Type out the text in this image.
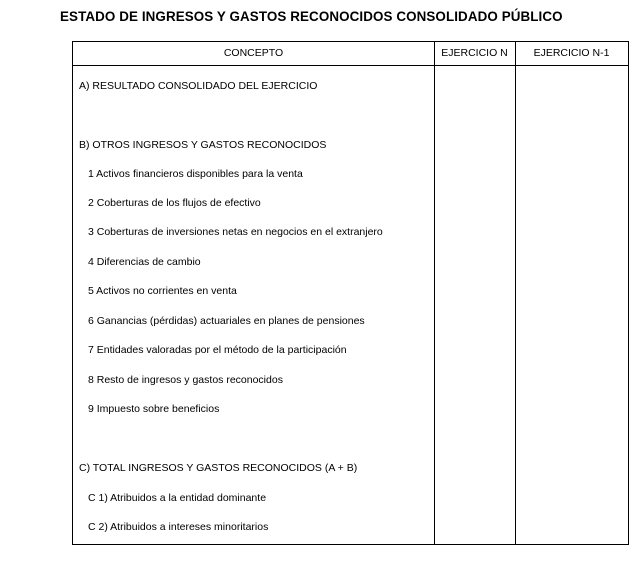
ESTADO DE INGRESOS Y GASTOS RECONOCIDOS CONSOLIDADO PÚBLICO
CONCEPTO	EJERCICIO N	EJERCICIO N-1
A) RESULTADO CONSOLIDADO DEL EJERCICIO
B) OTROS INGRESOS Y GASTOS RECONOCIDOS
1 Activos financieros disponibles para la venta
2 Coberturas de los flujos de efectivo
3 Coberturas de inversiones netas en negocios en el extranjero
4 Diferencias de cambio
5 Activos no corrientes en venta
6 Ganancias (pérdidas) actuariales en planes de pensiones
7 Entidades valoradas por el método de la participación
8 Resto de ingresos y gastos reconocidos
9 Impuesto sobre beneficios
C) TOTAL INGRESOS Y GASTOS RECONOCIDOS (A + B)
C 1) Atribuidos a la entidad dominante
C 2) Atribuidos a intereses minoritarios
